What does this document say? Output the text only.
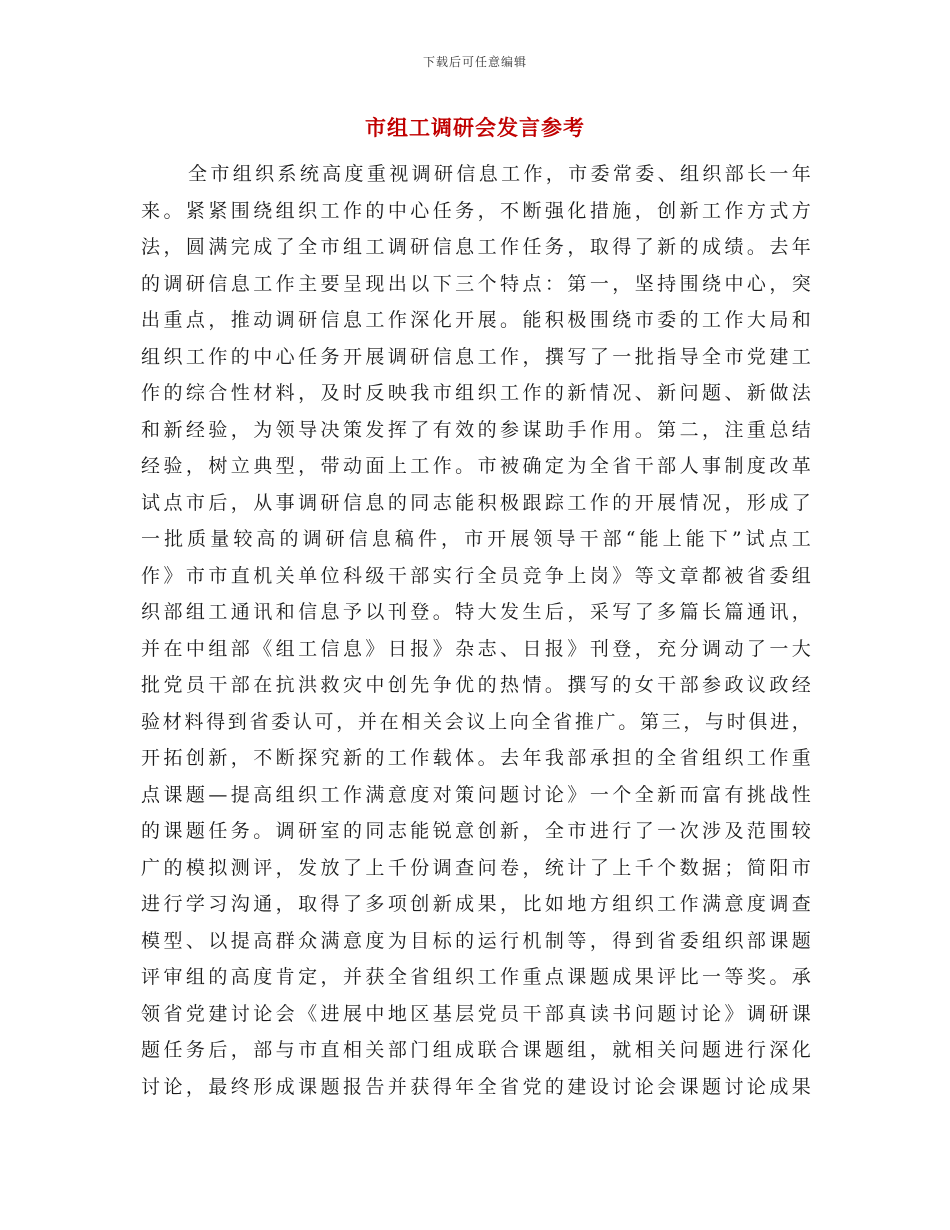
下载后可任意编辑
市组工调研会发言参考
全市组织系统高度重视调研信息工作，市委常委、组织部长一年
来。紧紧围绕组织工作的中心任务，不断强化措施，创新工作方式方
法，圆满完成了全市组工调研信息工作任务，取得了新的成绩。去年
的调研信息工作主要呈现出以下三个特点：第一，坚持围绕中心，突
出重点，推动调研信息工作深化开展。能积极围绕市委的工作大局和
组织工作的中心任务开展调研信息工作，撰写了一批指导全市党建工
作的综合性材料，及时反映我市组织工作的新情况、新问题、新做法
和新经验，为领导决策发挥了有效的参谋助手作用。第二，注重总结
经验，树立典型，带动面上工作。市被确定为全省干部人事制度改革
试点市后，从事调研信息的同志能积极跟踪工作的开展情况，形成了
一批质量较高的调研信息稿件，市开展领导干部“能上能下”试点工
作》市市直机关单位科级干部实行全员竞争上岗》等文章都被省委组
织部组工通讯和信息予以刊登。特大发生后，采写了多篇长篇通讯，
并在中组部《组工信息》日报》杂志、日报》刊登，充分调动了一大
批党员干部在抗洪救灾中创先争优的热情。撰写的女干部参政议政经
验材料得到省委认可，并在相关会议上向全省推广。第三，与时俱进，
开拓创新，不断探究新的工作载体。去年我部承担的全省组织工作重
点课题—提高组织工作满意度对策问题讨论》一个全新而富有挑战性
的课题任务。调研室的同志能锐意创新，全市进行了一次涉及范围较
广的模拟测评，发放了上千份调查问卷，统计了上千个数据；简阳市
进行学习沟通，取得了多项创新成果，比如地方组织工作满意度调查
模型、以提高群众满意度为目标的运行机制等，得到省委组织部课题
评审组的高度肯定，并获全省组织工作重点课题成果评比一等奖。承
领省党建讨论会《进展中地区基层党员干部真读书问题讨论》调研课
题任务后，部与市直相关部门组成联合课题组，就相关问题进行深化
讨论，最终形成课题报告并获得年全省党的建设讨论会课题讨论成果
